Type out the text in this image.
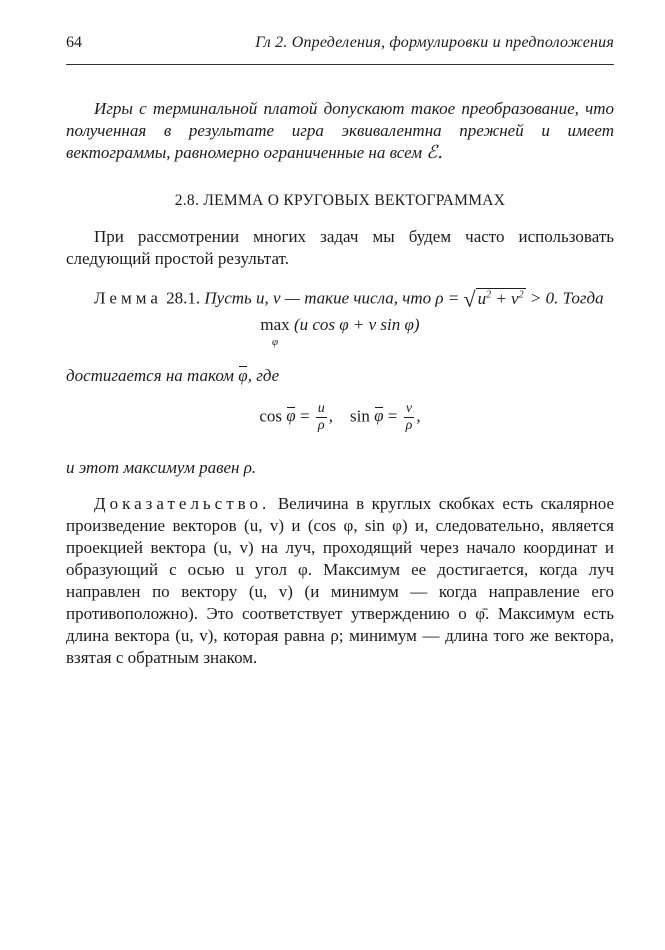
64	Гл 2. Определения, формулировки и предположения

Игры с терминальной платой допускают такое преобразование, что полученная в результате игра эквивалентна прежней и имеет вектограммы, равномерно ограниченные на всем ℰ.

2.8. ЛЕММА О КРУГОВЫХ ВЕКТОГРАММАХ

При рассмотрении многих задач мы будем часто использовать следующий простой результат.

Лемма 28.1. Пусть u, v — такие числа, что ρ = √ $u^2 + v^2 > 0$. Тогда

max
φ
(u cos φ + v sin φ)

достигается на таком φ, где

$\cos \varphi = \frac{u}{\rho}$ , $\sin \varphi = \frac{v}{\rho}$ ,

и этот максимум равен ρ.

Доказательство. Величина в круглых скобках есть скалярное произведение векторов (u, v) и (cos φ, sin φ) и, следовательно, является проекцией вектора (u, v) на луч, проходящий через начало координат и образующий с осью u угол φ. Максимум ее достигается, когда луч направлен по вектору (u, v) (и минимум — когда направление его противоположно). Это соответствует утверждению о φ̄. Максимум есть длина вектора (u, v), которая равна ρ; минимум — длина того же вектора, взятая с обратным знаком.
